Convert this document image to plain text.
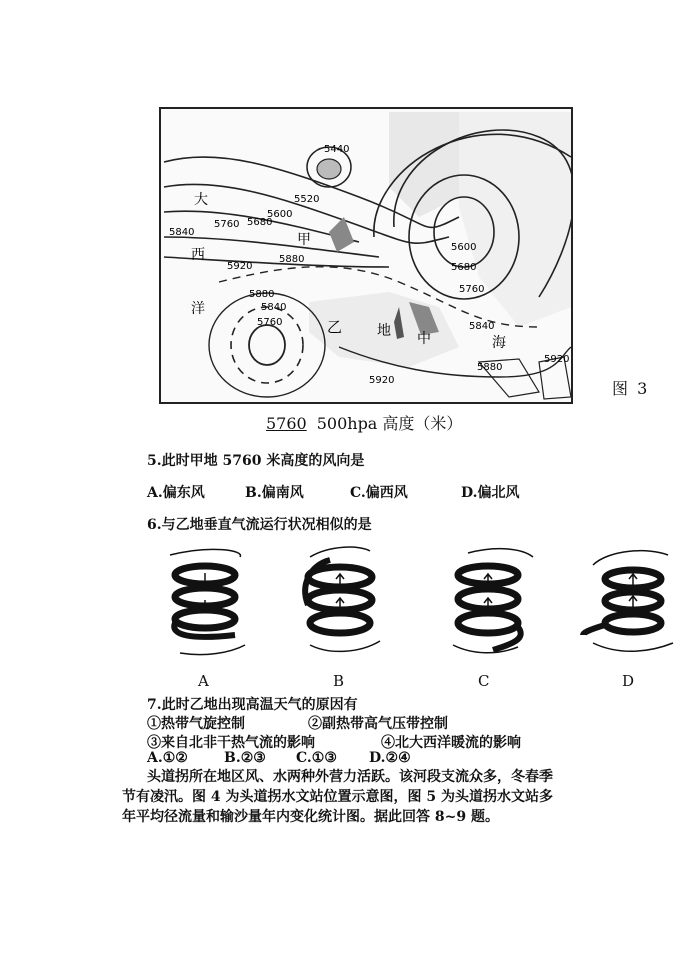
5440
5520
5600
5680
5760
5840
5920
5880
5880
5840
5760
5600
5680
5760
5840
5880
5920
5920
大
西
洋
甲
乙 地 中	海
图 3
5760 500hpa 高度（米）
5.此时甲地 5760 米高度的风向是
A.偏东风	B.偏南风	C.偏西风	D.偏北风
6.与乙地垂直气流运行状况相似的是
A	B	C	D
7.此时乙地出现高温天气的原因有
①热带气旋控制	②副热带高气压带控制
③来自北非干热气流的影响	④北大西洋暖流的影响
A.①②	B.②③ C.①③ D.②④
头道拐所在地区风、水两种外营力活跃。该河段支流众多，冬春季节有凌汛。图 4 为头道拐水文站位置示意图，图 5 为头道拐水文站多年平均径流量和输沙量年内变化统计图。据此回答 8~9 题。
